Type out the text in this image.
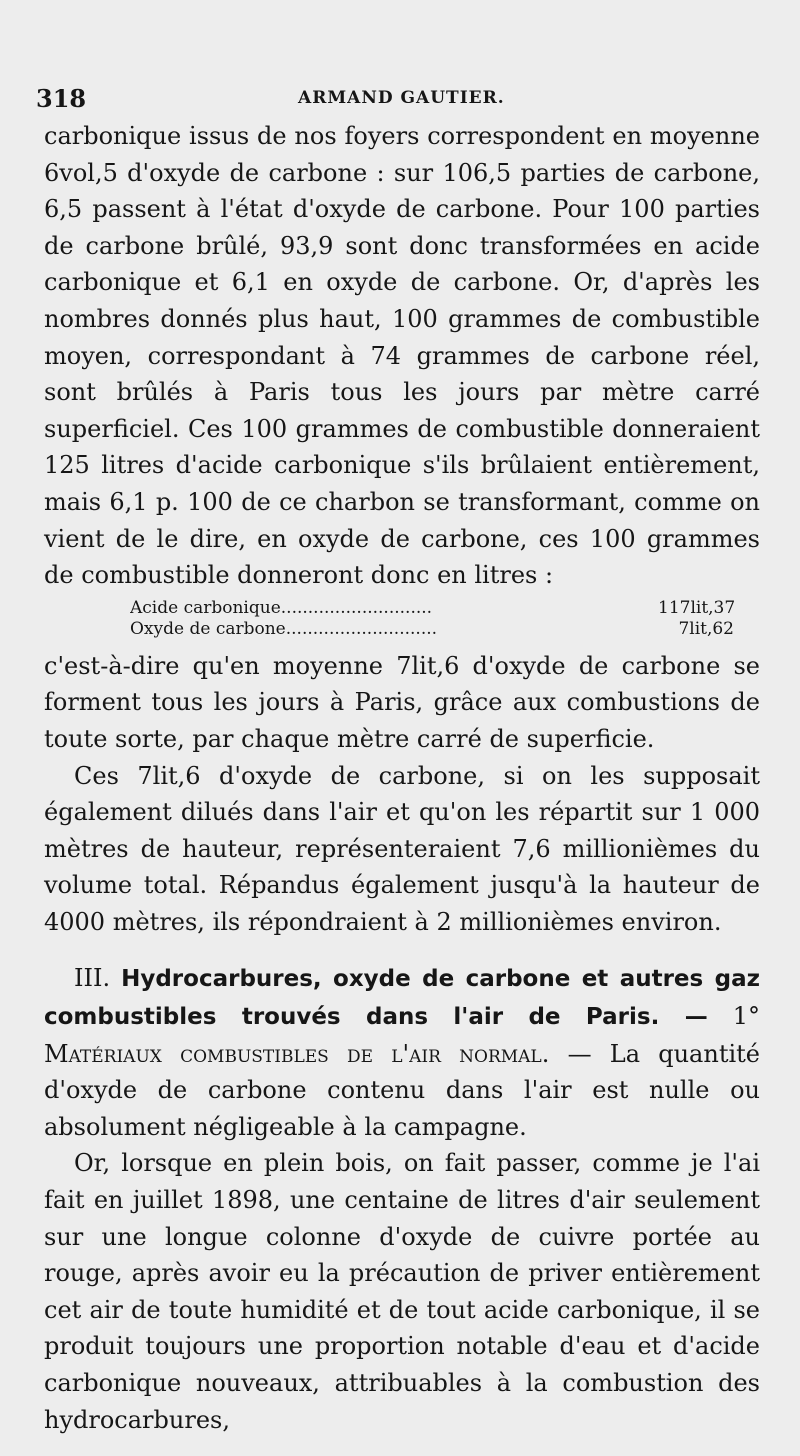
318	ARMAND GAUTIER.

carbonique issus de nos foyers correspondent en moyenne 6vol,5 d'oxyde de carbone : sur 106,5 parties de carbone, 6,5 passent à l'état d'oxyde de carbone. Pour 100 parties de carbone brûlé, 93,9 sont donc transformées en acide carbonique et 6,1 en oxyde de carbone. Or, d'après les nombres donnés plus haut, 100 grammes de combustible moyen, correspondant à 74 grammes de carbone réel, sont brûlés à Paris tous les jours par mètre carré superficiel. Ces 100 grammes de combustible donneraient 125 litres d'acide carbonique s'ils brûlaient entièrement, mais 6,1 p. 100 de ce charbon se transformant, comme on vient de le dire, en oxyde de carbone, ces 100 grammes de combustible donneront donc en litres :

Acide carbonique............................	117lit,37
Oxyde de carbone............................	7lit,62

c'est-à-dire qu'en moyenne 7lit,6 d'oxyde de carbone se forment tous les jours à Paris, grâce aux combustions de toute sorte, par chaque mètre carré de superficie.

Ces 7lit,6 d'oxyde de carbone, si on les supposait également dilués dans l'air et qu'on les répartit sur 1 000 mètres de hauteur, représenteraient 7,6 millionièmes du volume total. Répandus également jusqu'à la hauteur de 4000 mètres, ils répondraient à 2 millionièmes environ.

III. Hydrocarbures, oxyde de carbone et autres gaz combustibles trouvés dans l'air de Paris. — 1° Matériaux combustibles de l'air normal. — La quantité d'oxyde de carbone contenu dans l'air est nulle ou absolument négligeable à la campagne.

Or, lorsque en plein bois, on fait passer, comme je l'ai fait en juillet 1898, une centaine de litres d'air seulement sur une longue colonne d'oxyde de cuivre portée au rouge, après avoir eu la précaution de priver entièrement cet air de toute humidité et de tout acide carbonique, il se produit toujours une proportion notable d'eau et d'acide carbonique nouveaux, attribuables à la combustion des hydrocarbures,
